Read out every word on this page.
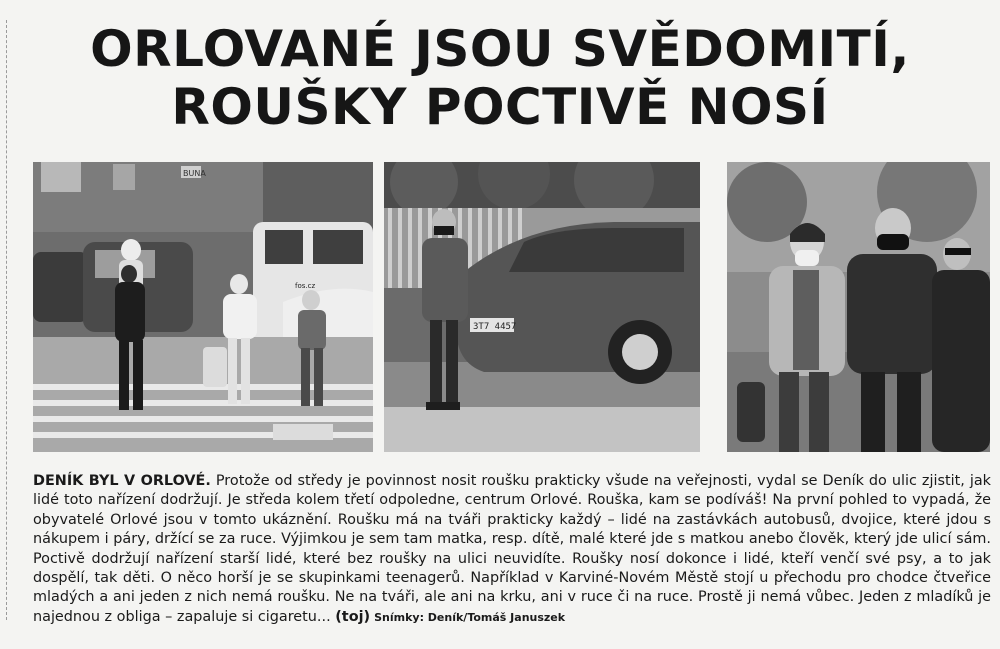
ORLOVANÉ JSOU SVĚDOMITÍ,
ROUŠKY POCTIVĚ NOSÍ
BUNA
fos.cz
3T7 4457
DENÍK BYL V ORLOVÉ. Protože od středy je povinnost nosit roušku prakticky všude na veřejnosti, vydal se Deník do ulic zjistit, jak lidé toto nařízení dodržují. Je středa kolem třetí odpoledne, centrum Orlové. Rouška, kam se podíváš! Na první pohled to vypadá, že obyvatelé Orlové jsou v tomto ukáznění. Roušku má na tváři prakticky každý – lidé na zastávkách autobusů, dvojice, které jdou s nákupem i páry, držící se za ruce. Výjimkou je sem tam matka, resp. dítě, malé které jde s matkou anebo člověk, který jde ulicí sám. Poctivě dodržují nařízení starší lidé, které bez roušky na ulici neuvidíte. Roušky nosí dokonce i lidé, kteří venčí své psy, a to jak dospělí, tak děti. O něco horší je se skupinkami teenagerů. Například v Karviné-Novém Městě stojí u přechodu pro chodce čtveřice mladých a ani jeden z nich nemá roušku. Ne na tváři, ale ani na krku, ani v ruce či na ruce. Prostě ji nemá vůbec. Jeden z mladíků je najednou z obliga – zapaluje si cigaretu... (toj) Snímky: Deník/Tomáš Januszek
